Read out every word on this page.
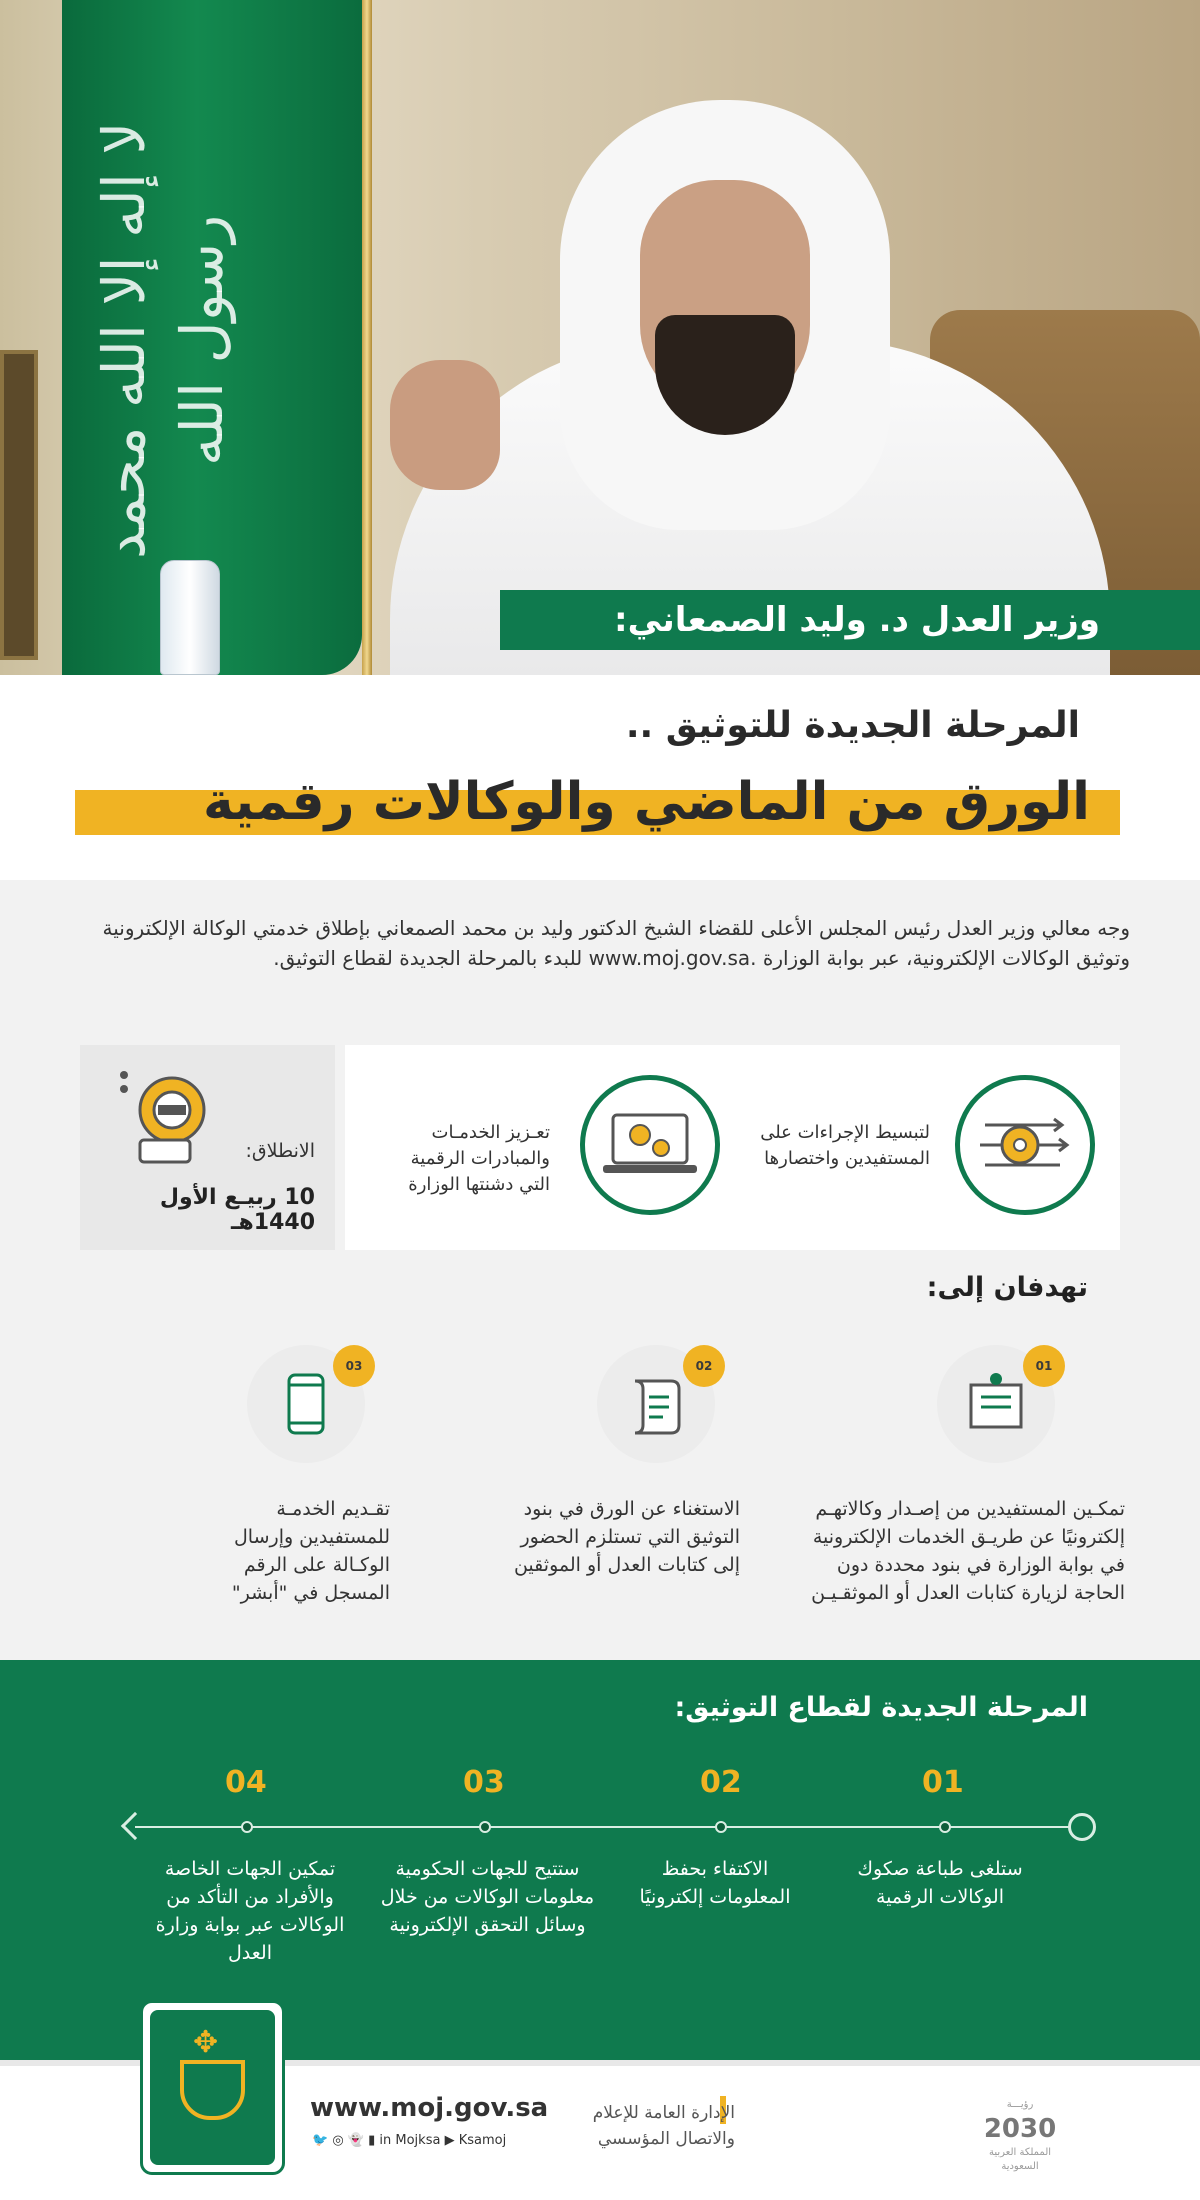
لا إله إلا الله محمد رسول الله
وزير العدل د. وليد الصمعاني:
المرحلة الجديدة للتوثيق ..
الورق من الماضي والوكالات رقمية
وجه معالي وزير العدل رئيس المجلس الأعلى للقضاء الشيخ الدكتور وليد بن محمد الصمعاني بإطلاق خدمتي الوكالة الإلكترونية وتوثيق الوكالات الإلكترونية، عبر بوابة الوزارة www.moj.gov.sa. للبدء بالمرحلة الجديدة لقطاع التوثيق.
لتبسيط الإجراءات على المستفيدين واختصارها
تعـزيز الخدمـات والمبادرات الرقمية التي دشنتها الوزارة
الانطلاق:
10 ربيـع الأول 1440هـ
تهدفان إلى:
01
تمكـين المستفيدين من إصـدار وكالاتهـم إلكترونيًا عن طريـق الخدمات الإلكترونية في بوابة الوزارة في بنود محددة دون الحاجة لزيارة كتابات العدل أو الموثقـيـن
02
الاستغناء عن الورق في بنود التوثيق التي تستلزم الحضور إلى كتابات العدل أو الموثقين
03
تقـديم الخدمـة للمستفيدين وإرسال الوكـالة على الرقم المسجل في "أبشر"
المرحلة الجديدة لقطاع التوثيق:
01
02
03
04
ستلغى طباعة صكوك الوكالات الرقمية
الاكتفاء بحفظ المعلومات إلكترونيًا
ستتيح للجهات الحكومية معلومات الوكالات من خلال وسائل التحقق الإلكترونية
تمكين الجهات الخاصة والأفراد من التأكد من الوكالات عبر بوابة وزارة العدل
✥
www.moj.gov.sa
🐦 ◎ 👻 ▮ in Mojksa ▶ Ksamoj
الإدارة العامة للإعلام
والاتصال المؤسسي
رؤيـــة
2030
المملكة العربية السعودية
